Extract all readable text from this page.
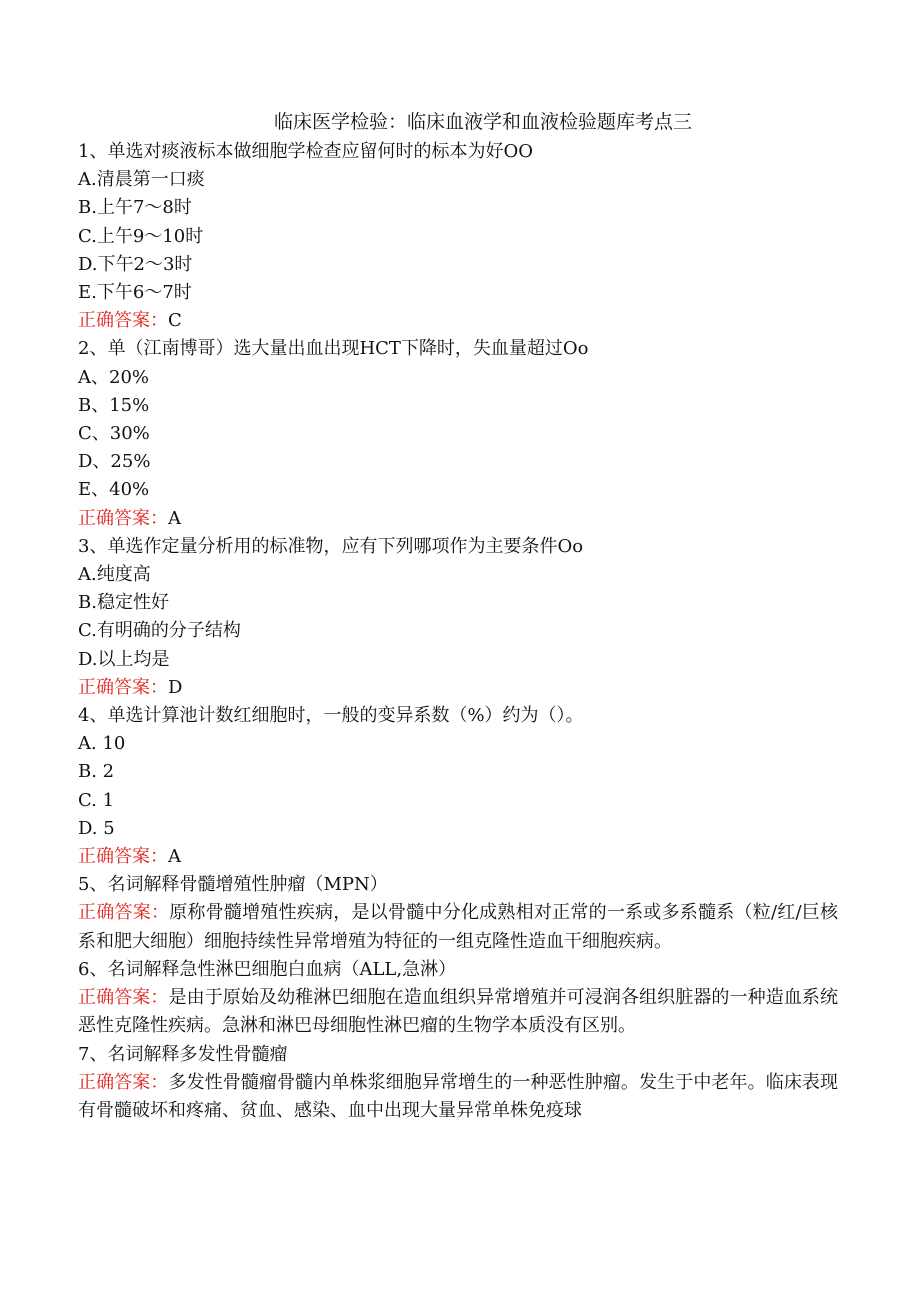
临床医学检验：临床血液学和血液检验题库考点三
1、单选对痰液标本做细胞学检查应留何时的标本为好OO
A.清晨第一口痰
B.上午7～8时
C.上午9～10时
D.下午2～3时
E.下午6～7时
正确答案：C
2、单（江南博哥）选大量出血出现HCT下降时，失血量超过Oo
A、20%
B、15%
C、30%
D、25%
E、40%
正确答案：A
3、单选作定量分析用的标准物，应有下列哪项作为主要条件Oo
A.纯度高
B.稳定性好
C.有明确的分子结构
D.以上均是
正确答案：D
4、单选计算池计数红细胞时，一般的变异系数（%）约为（）。
A. 10
B. 2
C. 1
D. 5
正确答案：A
5、名词解释骨髓增殖性肿瘤（MPN）
正确答案：原称骨髓增殖性疾病，是以骨髓中分化成熟相对正常的一系或多系髓系（粒/红/巨核系和肥大细胞）细胞持续性异常增殖为特征的一组克隆性造血干细胞疾病。
6、名词解释急性淋巴细胞白血病（ALL,急淋）
正确答案：是由于原始及幼稚淋巴细胞在造血组织异常增殖并可浸润各组织脏器的一种造血系统恶性克隆性疾病。急淋和淋巴母细胞性淋巴瘤的生物学本质没有区别。
7、名词解释多发性骨髓瘤
正确答案：多发性骨髓瘤骨髓内单株浆细胞异常增生的一种恶性肿瘤。发生于中老年。临床表现有骨髓破坏和疼痛、贫血、感染、血中出现大量异常单株免疫球
